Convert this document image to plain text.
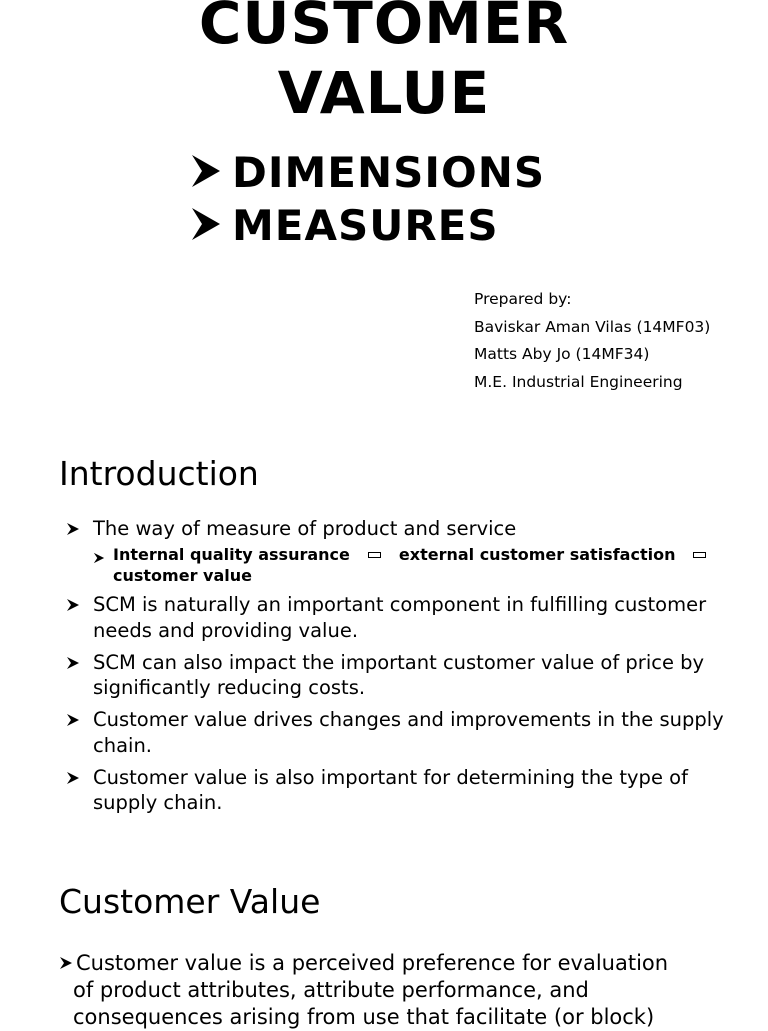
CUSTOMER
VALUE
DIMENSIONS
MEASURES
Prepared by:
Baviskar Aman Vilas (14MF03)
Matts Aby Jo (14MF34)
M.E. Industrial Engineering
Introduction
The way of measure of product and service
Internal quality assurance	external customer satisfaction
customer value
SCM is naturally an important component in fulfilling customer needs and providing value.
SCM can also impact the important customer value of price by significantly reducing costs.
Customer value drives changes and improvements in the supply chain.
Customer value is also important for determining the type of supply chain.
Customer Value
Customer value is a perceived preference for evaluation
of product attributes, attribute performance, and
consequences arising from use that facilitate (or block)
